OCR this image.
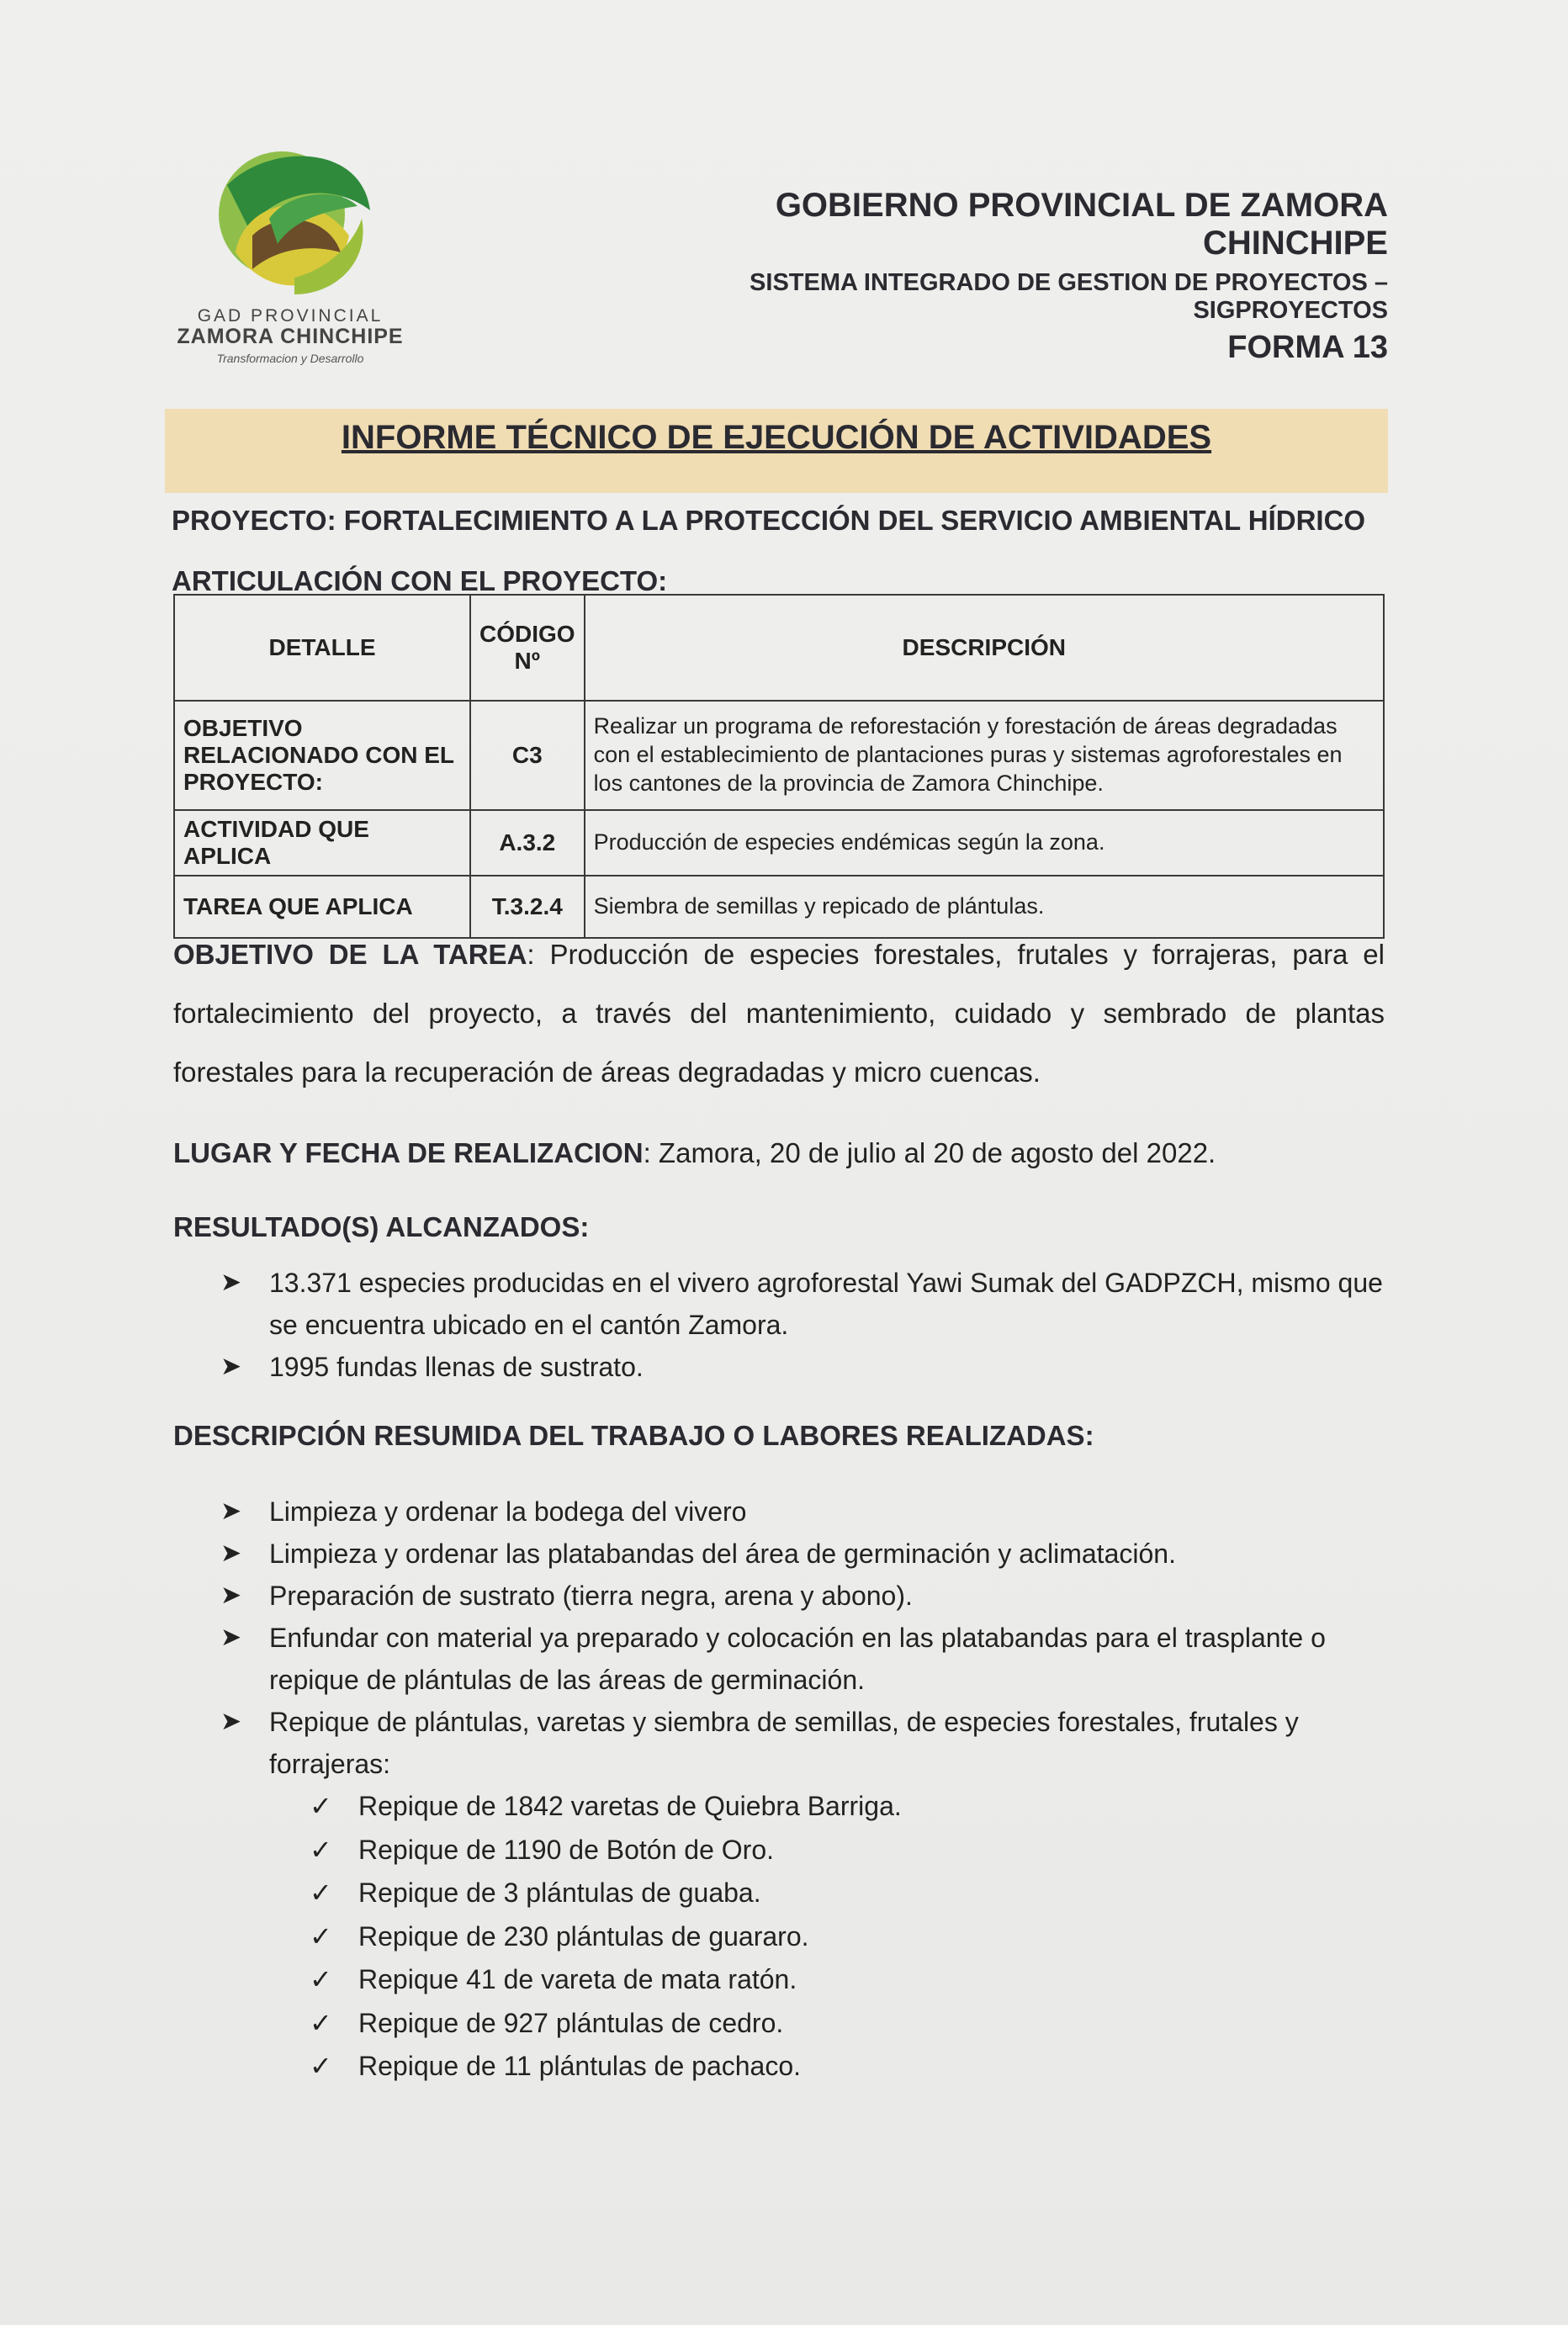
GAD PROVINCIAL
ZAMORA CHINCHIPE
Transformacion y Desarrollo
GOBIERNO PROVINCIAL DE ZAMORA CHINCHIPE
SISTEMA INTEGRADO DE GESTION DE PROYECTOS – SIGPROYECTOS
FORMA 13
INFORME TÉCNICO DE EJECUCIÓN DE ACTIVIDADES
PROYECTO: FORTALECIMIENTO A LA PROTECCIÓN DEL SERVICIO AMBIENTAL HÍDRICO
ARTICULACIÓN CON EL PROYECTO:
DETALLE	CÓDIGO Nº	DESCRIPCIÓN
OBJETIVO RELACIONADO CON EL PROYECTO:	C3	Realizar un programa de reforestación y forestación de áreas degradadas con el establecimiento de plantaciones puras y sistemas agroforestales en los cantones de la provincia de Zamora Chinchipe.
ACTIVIDAD QUE APLICA	A.3.2	Producción de especies endémicas según la zona.
TAREA QUE APLICA	T.3.2.4	Siembra de semillas y repicado de plántulas.
OBJETIVO DE LA TAREA: Producción de especies forestales, frutales y forrajeras, para el fortalecimiento del proyecto, a través del mantenimiento, cuidado y sembrado de plantas forestales para la recuperación de áreas degradadas y micro cuencas.
LUGAR Y FECHA DE REALIZACION: Zamora, 20 de julio al 20 de agosto del 2022.
RESULTADO(S) ALCANZADOS:
➤ 13.371 especies producidas en el vivero agroforestal Yawi Sumak del GADPZCH, mismo que se encuentra ubicado en el cantón Zamora.
➤ 1995 fundas llenas de sustrato.
DESCRIPCIÓN RESUMIDA DEL TRABAJO O LABORES REALIZADAS:
➤ Limpieza y ordenar la bodega del vivero
➤ Limpieza y ordenar las platabandas del área de germinación y aclimatación.
➤ Preparación de sustrato (tierra negra, arena y abono).
➤ Enfundar con material ya preparado y colocación en las platabandas para el trasplante o repique de plántulas de las áreas de germinación.
➤ Repique de plántulas, varetas y siembra de semillas, de especies forestales, frutales y forrajeras:
✓ Repique de 1842 varetas de Quiebra Barriga.
✓ Repique de 1190 de Botón de Oro.
✓ Repique de 3 plántulas de guaba.
✓ Repique de 230 plántulas de guararo.
✓ Repique 41 de vareta de mata ratón.
✓ Repique de 927 plántulas de cedro.
✓ Repique de 11 plántulas de pachaco.
